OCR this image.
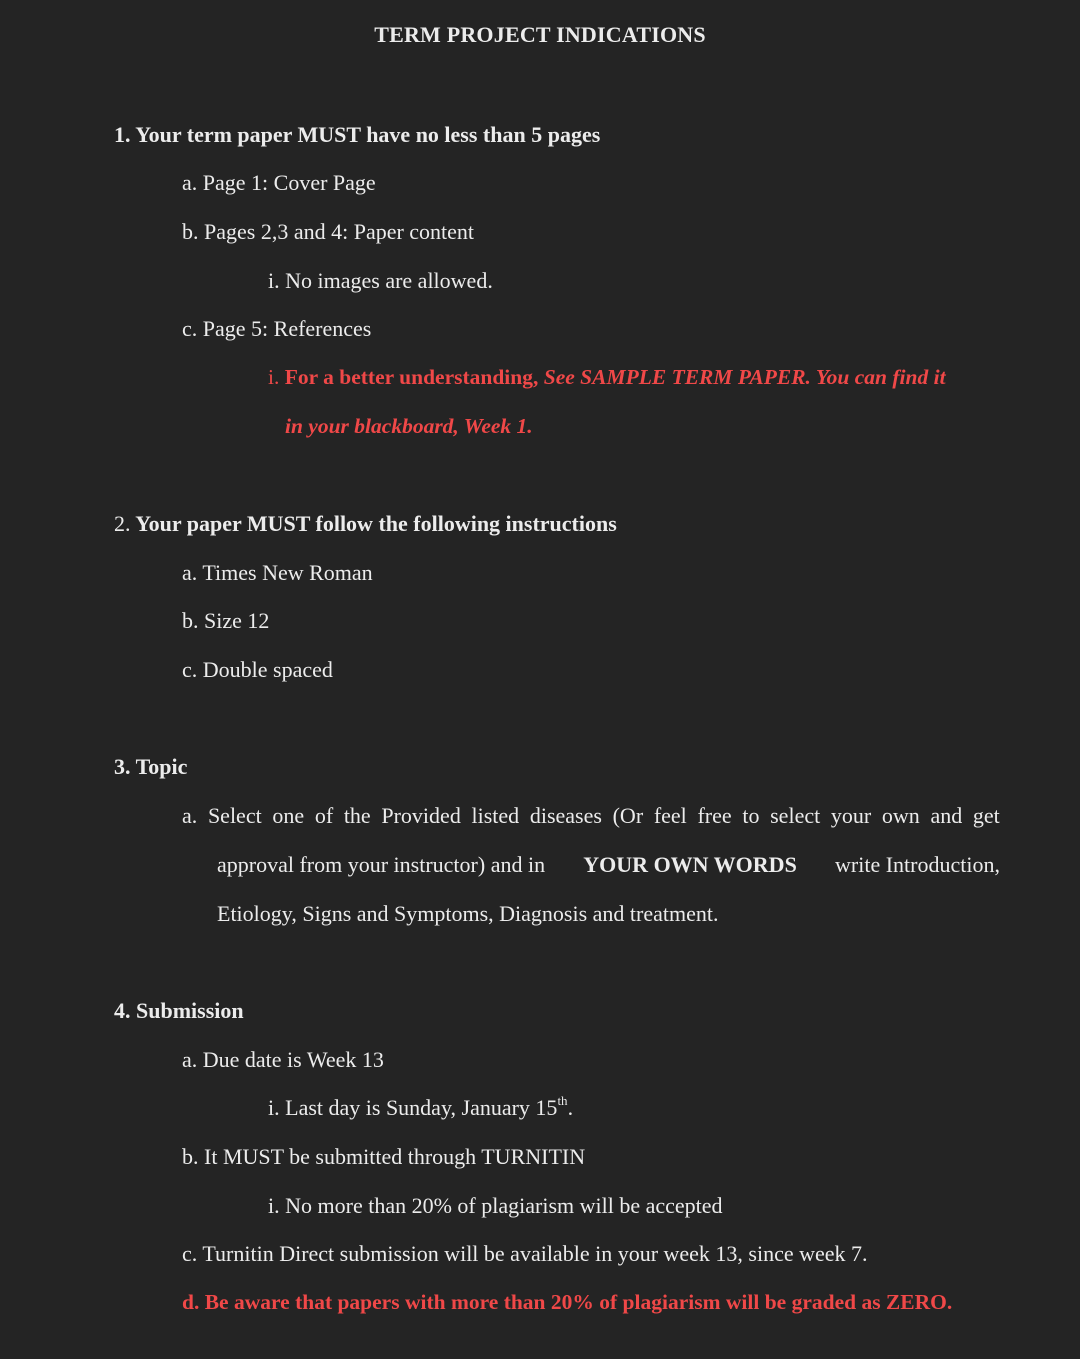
TERM PROJECT INDICATIONS
1. Your term paper MUST have no less than 5 pages
a. Page 1: Cover Page
b. Pages 2,3 and 4: Paper content
i. No images are allowed.
c. Page 5: References
i. For a better understanding, See SAMPLE TERM PAPER. You can find it
in your blackboard, Week 1.
2. Your paper MUST follow the following instructions
a. Times New Roman
b. Size 12
c. Double spaced
3. Topic
a. Select one of the Provided listed diseases (Or feel free to select your own and get
approval from your instructor) and in YOUR OWN WORDS write Introduction,
Etiology, Signs and Symptoms, Diagnosis and treatment.
4. Submission
a. Due date is Week 13
i. Last day is Sunday, January 15th.
b. It MUST be submitted through TURNITIN
i. No more than 20% of plagiarism will be accepted
c. Turnitin Direct submission will be available in your week 13, since week 7.
d. Be aware that papers with more than 20% of plagiarism will be graded as ZERO.
